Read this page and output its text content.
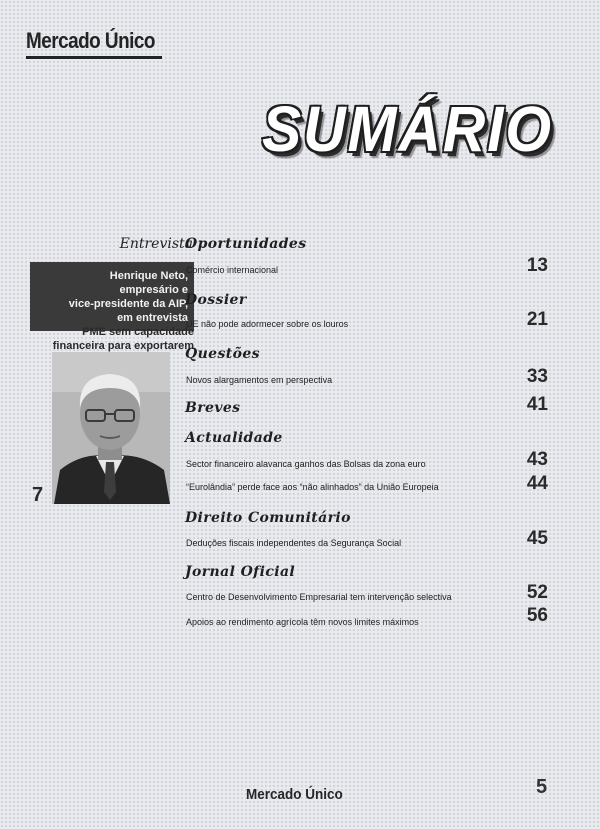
Mercado Único
SUMÁRIO
Entrevista
Henrique Neto,
empresário e
vice-presidente da AIP,
em entrevista
PME sem capacidade
financeira para exportarem
7
Oportunidades
Comércio internacional	13
Dossier
UE não pode adormecer sobre os louros	21
Questões
Novos alargamentos em perspectiva	33
Breves	41
Actualidade
Sector financeiro alavanca ganhos das Bolsas da zona euro	43
“Eurolândia” perde face aos “não alinhados” da União Europeia	44
Direito Comunitário
Deduções fiscais independentes da Segurança Social	45
Jornal Oficial
Centro de Desenvolvimento Empresarial tem intervenção selectiva	52
Apoios ao rendimento agrícola têm novos limites máximos	56
Mercado Único	5
